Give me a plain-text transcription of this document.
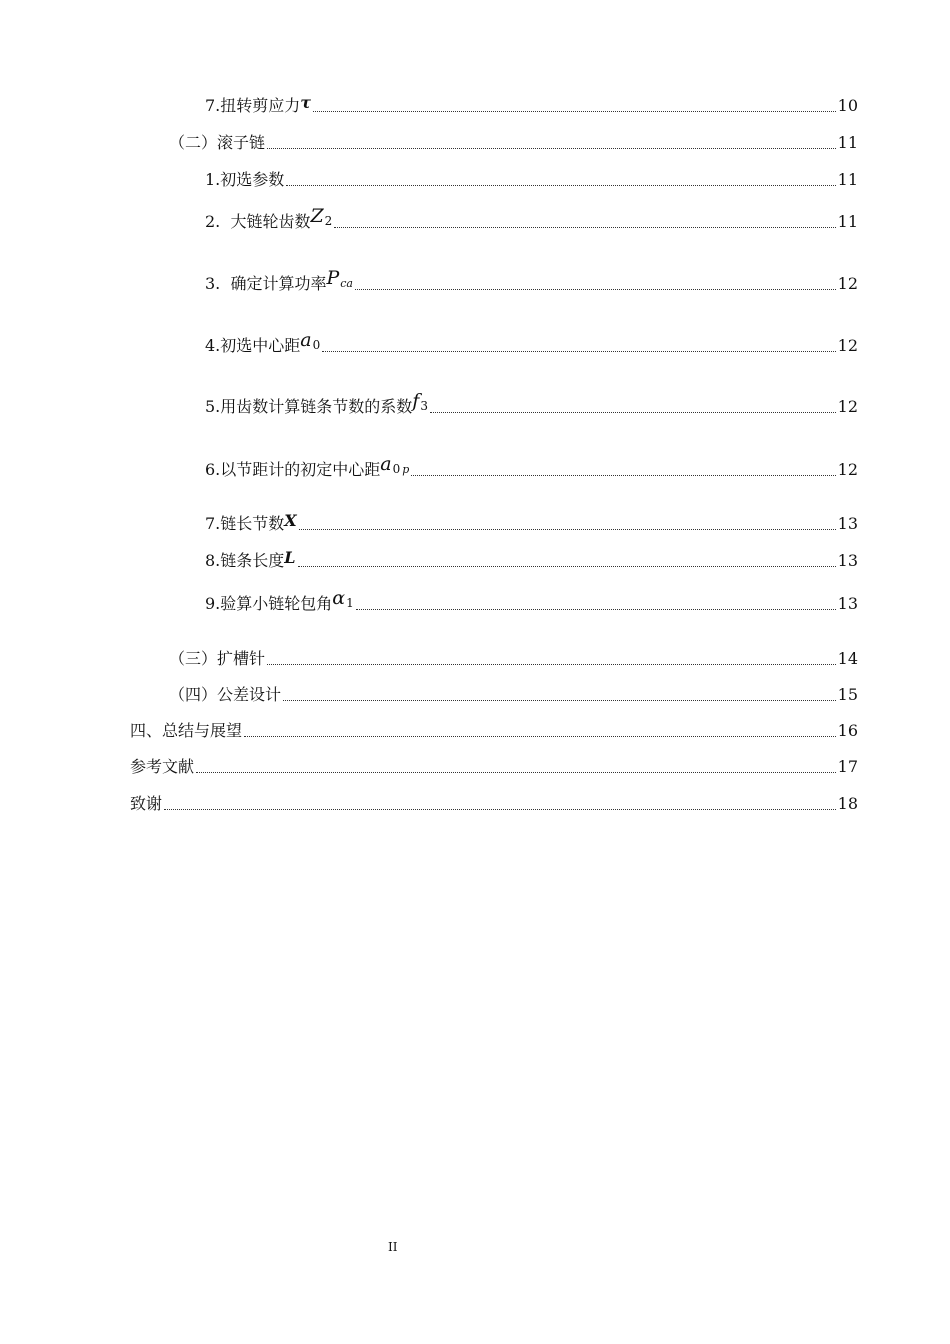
7.扭转剪应力 τ	10
（二）滚子链	11
1.初选参数	11
2.  大链轮齿数 Z 2	11
3.  确定计算功率 P ca	12
4.初选中心距 a 0	12
5.用齿数计算链条节数的系数 f 3	12
6.以节距计的初定中心距 a 0 p	12
7.链长节数 X	13
8.链条长度 L	13
9.验算小链轮包角 α 1	13
（三）扩槽针	14
（四）公差设计	15
四、总结与展望	16
参考文献	17
致谢	18
II
